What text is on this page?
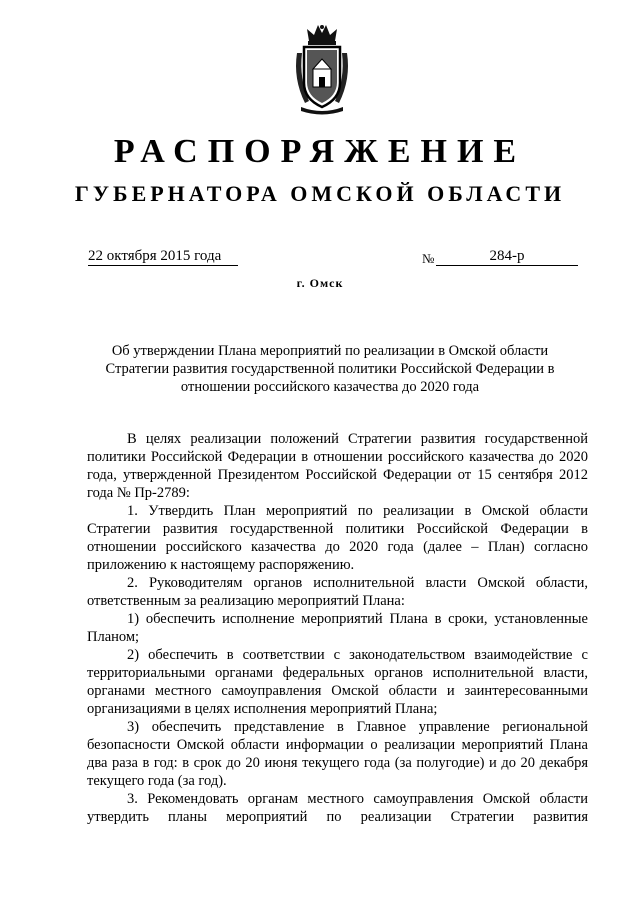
РАСПОРЯЖЕНИЕ
ГУБЕРНАТОРА ОМСКОЙ ОБЛАСТИ
22 октября 2015 года	№	284-р
г. Омск
Об утверждении Плана мероприятий по реализации в Омской области Стратегии развития государственной политики Российской Федерации в отношении российского казачества до 2020 года

В целях реализации положений Стратегии развития государственной политики Российской Федерации в отношении российского казачества до 2020 года, утвержденной Президентом Российской Федерации от 15 сентября 2012 года № Пр-2789:

1. Утвердить План мероприятий по реализации в Омской области Стратегии развития государственной политики Российской Федерации в отношении российского казачества до 2020 года (далее – План) согласно приложению к настоящему распоряжению.

2. Руководителям органов исполнительной власти Омской области, ответственным за реализацию мероприятий Плана:

1) обеспечить исполнение мероприятий Плана в сроки, установленные Планом;

2) обеспечить в соответствии с законодательством взаимодействие с территориальными органами федеральных органов исполнительной власти, органами местного самоуправления Омской области и заинтересованными организациями в целях исполнения мероприятий Плана;

3) обеспечить представление в Главное управление региональной безопасности Омской области информации о реализации мероприятий Плана два раза в год: в срок до 20 июня текущего года (за полугодие) и до 20 декабря текущего года (за год).

3. Рекомендовать органам местного самоуправления Омской области утвердить планы мероприятий по реализации Стратегии развития
